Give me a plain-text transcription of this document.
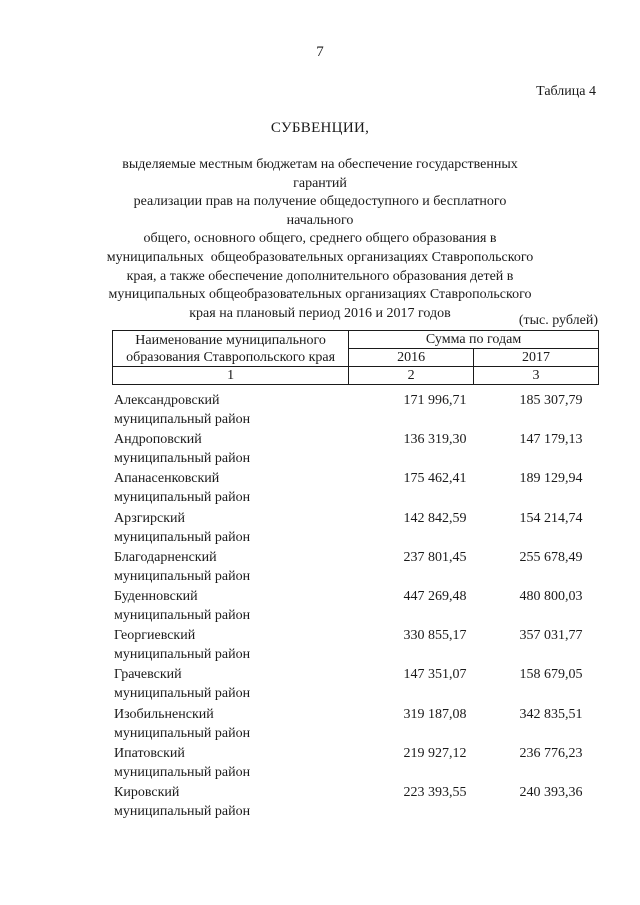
7
Таблица 4
СУБВЕНЦИИ,
выделяемые местным бюджетам на обеспечение государственных гарантий
реализации прав на получение общедоступного и бесплатного начального
общего, основного общего, среднего общего образования в
муниципальных  общеобразовательных организациях Ставропольского
края, а также обеспечение дополнительного образования детей в
муниципальных общеобразовательных организациях Ставропольского
края на плановый период 2016 и 2017 годов	(тыс. рублей)
Наименование муниципального
образования Ставропольского края	Сумма по годам	
	2016	2017
1	2	3
Александровский
муниципальный район
171 996,71	185 307,79
Андроповский
муниципальный район
136 319,30	147 179,13
Апанасенковский
муниципальный район
175 462,41	189 129,94
Арзгирский
муниципальный район
142 842,59	154 214,74
Благодарненский
муниципальный район
237 801,45	255 678,49
Буденновский
муниципальный район
447 269,48	480 800,03
Георгиевский
муниципальный район
330 855,17	357 031,77
Грачевский
муниципальный район
147 351,07	158 679,05
Изобильненский
муниципальный район
319 187,08	342 835,51
Ипатовский
муниципальный район
219 927,12	236 776,23
Кировский
муниципальный район
223 393,55	240 393,36
